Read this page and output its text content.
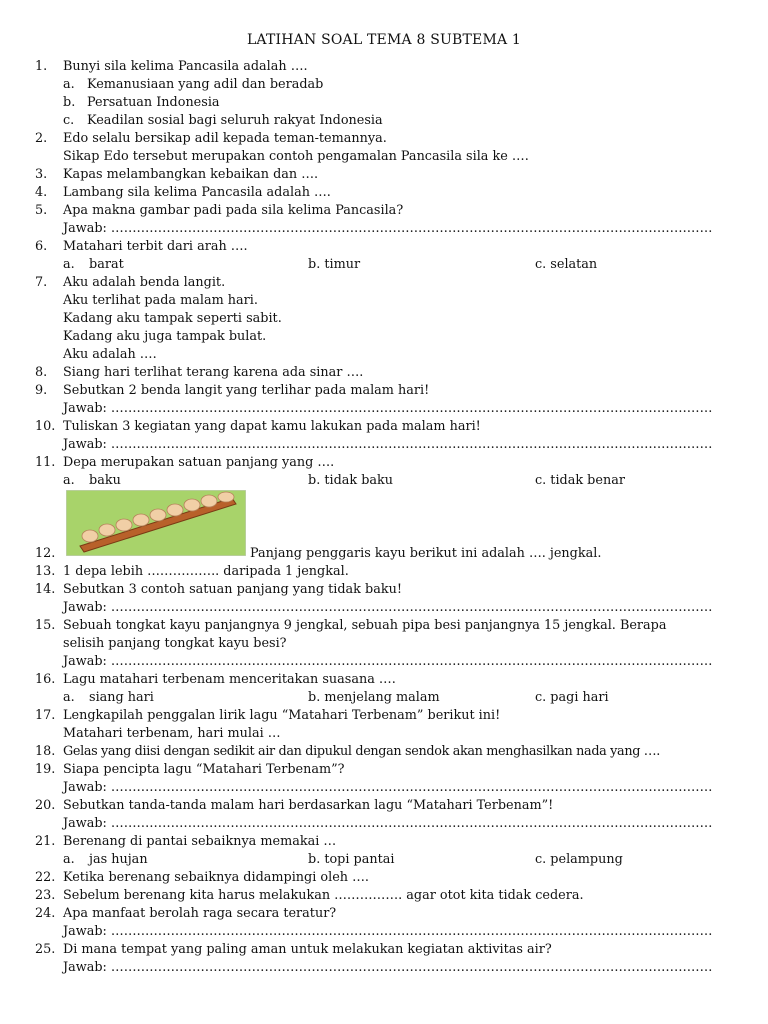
LATIHAN SOAL TEMA 8 SUBTEMA 1
1. Bunyi sila kelima Pancasila adalah ….
a. Kemanusiaan yang adil dan beradab
b. Persatuan Indonesia
c. Keadilan sosial bagi seluruh rakyat Indonesia
2. Edo selalu bersikap adil kepada teman-temannya.
Sikap Edo tersebut merupakan contoh pengamalan Pancasila sila ke ….
3. Kapas melambangkan kebaikan dan ….
4. Lambang sila kelima Pancasila adalah ….
5. Apa makna gambar padi pada sila kelima Pancasila?
Jawab: ……………………………………………………………………………………………………………………………
6. Matahari terbit dari arah ….
a. barat	b. timur	c. selatan
7. Aku adalah benda langit.
Aku terlihat pada malam hari.
Kadang aku tampak seperti sabit.
Kadang aku juga tampak bulat.
Aku adalah ….
8. Siang hari terlihat terang karena ada sinar ….
9. Sebutkan 2 benda langit yang terlihar pada malam hari!
Jawab: ……………………………………………………………………………………………………………………………
10. Tuliskan 3 kegiatan yang dapat kamu lakukan pada malam hari!
Jawab: ……………………………………………………………………………………………………………………………
11. Depa merupakan satuan panjang yang ….
a. baku	b. tidak baku	c. tidak benar
12.	Panjang penggaris kayu berikut ini adalah …. jengkal.
13. 1 depa lebih …………….. daripada 1 jengkal.
14. Sebutkan 3 contoh satuan panjang yang tidak baku!
Jawab: ……………………………………………………………………………………………………………………………
15. Sebuah tongkat kayu panjangnya 9 jengkal, sebuah pipa besi panjangnya 15 jengkal. Berapa
selisih panjang tongkat kayu besi?
Jawab: ……………………………………………………………………………………………………………………………
16. Lagu matahari terbenam menceritakan suasana ….
a. siang hari	b. menjelang malam	c. pagi hari
17. Lengkapilah penggalan lirik lagu “Matahari Terbenam” berikut ini!
Matahari terbenam, hari mulai …
18. Gelas yang diisi dengan sedikit air dan dipukul dengan sendok akan menghasilkan nada yang ….
19. Siapa pencipta lagu “Matahari Terbenam”?
Jawab: ……………………………………………………………………………………………………………………………
20. Sebutkan tanda-tanda malam hari berdasarkan lagu “Matahari Terbenam”!
Jawab: ……………………………………………………………………………………………………………………………
21. Berenang di pantai sebaiknya memakai …
a. jas hujan	b. topi pantai	c. pelampung
22. Ketika berenang sebaiknya didampingi oleh ….
23. Sebelum berenang kita harus melakukan ……………. agar otot kita tidak cedera.
24. Apa manfaat berolah raga secara teratur?
Jawab: ……………………………………………………………………………………………………………………………
25. Di mana tempat yang paling aman untuk melakukan kegiatan aktivitas air?
Jawab: ……………………………………………………………………………………………………………………………
